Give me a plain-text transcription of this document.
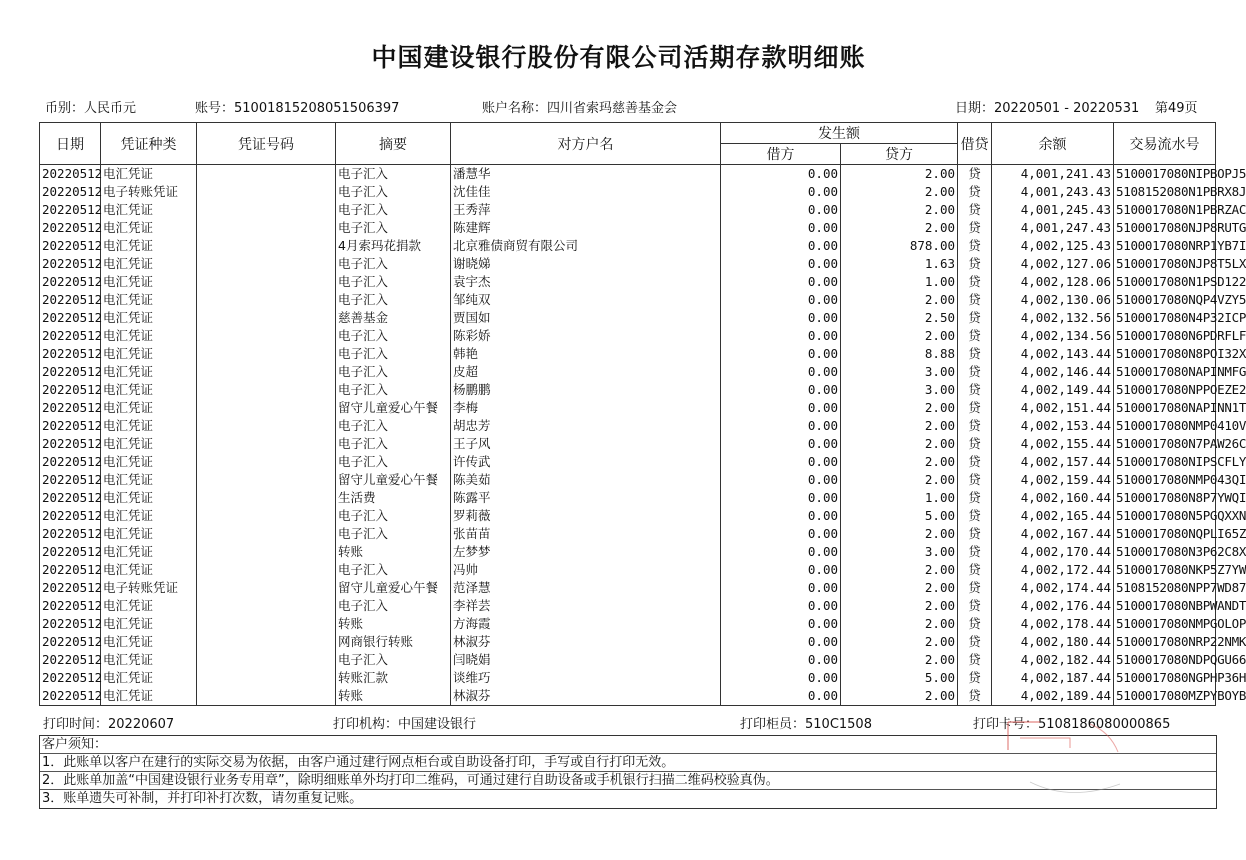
中国建设银行股份有限公司活期存款明细账
币别：人民币元	账号：51001815208051506397	账户名称：四川省索玛慈善基金会	日期：20220501 - 20220531 第49页
日期	凭证种类	凭证号码	摘要	对方户名	发生额		借贷	余额	交易流水号
					借方	贷方			
20220512	电汇凭证		电子汇入	潘慧华	0.00	2.00	贷	4,001,241.43	5100017080NIPBOPJ5
20220512	电子转账凭证		电子汇入	沈佳佳	0.00	2.00	贷	4,001,243.43	5108152080N1PBRX8J
20220512	电汇凭证		电子汇入	王秀萍	0.00	2.00	贷	4,001,245.43	5100017080N1PBRZAC
20220512	电汇凭证		电子汇入	陈建辉	0.00	2.00	贷	4,001,247.43	5100017080NJP8RUTG
20220512	电汇凭证		4月索玛花捐款	北京雅债商贸有限公司	0.00	878.00	贷	4,002,125.43	5100017080NRP1YB7I
20220512	电汇凭证		电子汇入	谢晓娣	0.00	1.63	贷	4,002,127.06	5100017080NJP8T5LX
20220512	电汇凭证		电子汇入	袁宇杰	0.00	1.00	贷	4,002,128.06	5100017080N1PSD122
20220512	电汇凭证		电子汇入	邹纯双	0.00	2.00	贷	4,002,130.06	5100017080NQP4VZY5
20220512	电汇凭证		慈善基金	贾国如	0.00	2.50	贷	4,002,132.56	5100017080N4P32ICP
20220512	电汇凭证		电子汇入	陈彩娇	0.00	2.00	贷	4,002,134.56	5100017080N6PDRFLF
20220512	电汇凭证		电子汇入	韩艳	0.00	8.88	贷	4,002,143.44	5100017080N8POI32X
20220512	电汇凭证		电子汇入	皮超	0.00	3.00	贷	4,002,146.44	5100017080NAPINMFG
20220512	电汇凭证		电子汇入	杨鹏鹏	0.00	3.00	贷	4,002,149.44	5100017080NPPOEZE2
20220512	电汇凭证		留守儿童爱心午餐	李梅	0.00	2.00	贷	4,002,151.44	5100017080NAPINN1T
20220512	电汇凭证		电子汇入	胡忠芳	0.00	2.00	贷	4,002,153.44	5100017080NMP0410V
20220512	电汇凭证		电子汇入	王子风	0.00	2.00	贷	4,002,155.44	5100017080N7PAW26C
20220512	电汇凭证		电子汇入	许传武	0.00	2.00	贷	4,002,157.44	5100017080NIPSCFLY
20220512	电汇凭证		留守儿童爱心午餐	陈美茹	0.00	2.00	贷	4,002,159.44	5100017080NMP043QI
20220512	电汇凭证		生活费	陈露平	0.00	1.00	贷	4,002,160.44	5100017080N8P7YWQI
20220512	电汇凭证		电子汇入	罗莉薇	0.00	5.00	贷	4,002,165.44	5100017080N5PGQXXN
20220512	电汇凭证		电子汇入	张苗苗	0.00	2.00	贷	4,002,167.44	5100017080NQPLI65Z
20220512	电汇凭证		转账	左梦梦	0.00	3.00	贷	4,002,170.44	5100017080N3P62C8X
20220512	电汇凭证		电子汇入	冯帅	0.00	2.00	贷	4,002,172.44	5100017080NKP5Z7YW
20220512	电子转账凭证		留守儿童爱心午餐	范泽慧	0.00	2.00	贷	4,002,174.44	5108152080NPP7WD87
20220512	电汇凭证		电子汇入	李祥芸	0.00	2.00	贷	4,002,176.44	5100017080NBPWANDT
20220512	电汇凭证		转账	方海霞	0.00	2.00	贷	4,002,178.44	5100017080NMPGOLOP
20220512	电汇凭证		网商银行转账	林淑芬	0.00	2.00	贷	4,002,180.44	5100017080NRP22NMK
20220512	电汇凭证		电子汇入	闫晓娟	0.00	2.00	贷	4,002,182.44	5100017080NDPQGU66
20220512	电汇凭证		转账汇款	谈维巧	0.00	5.00	贷	4,002,187.44	5100017080NGPHP36H
20220512	电汇凭证		转账	林淑芬	0.00	2.00	贷	4,002,189.44	5100017080MZPYBOYB
打印时间：20220607	打印机构：中国建设银行	打印柜员：510C1508	打印卡号：5108186080000865
客户须知：
1．此账单以客户在建行的实际交易为依据，由客户通过建行网点柜台或自助设备打印，手写或自行打印无效。
2．此账单加盖“中国建设银行业务专用章”，除明细账单外均打印二维码，可通过建行自助设备或手机银行扫描二维码校验真伪。
3．账单遗失可补制，并打印补打次数，请勿重复记账。
